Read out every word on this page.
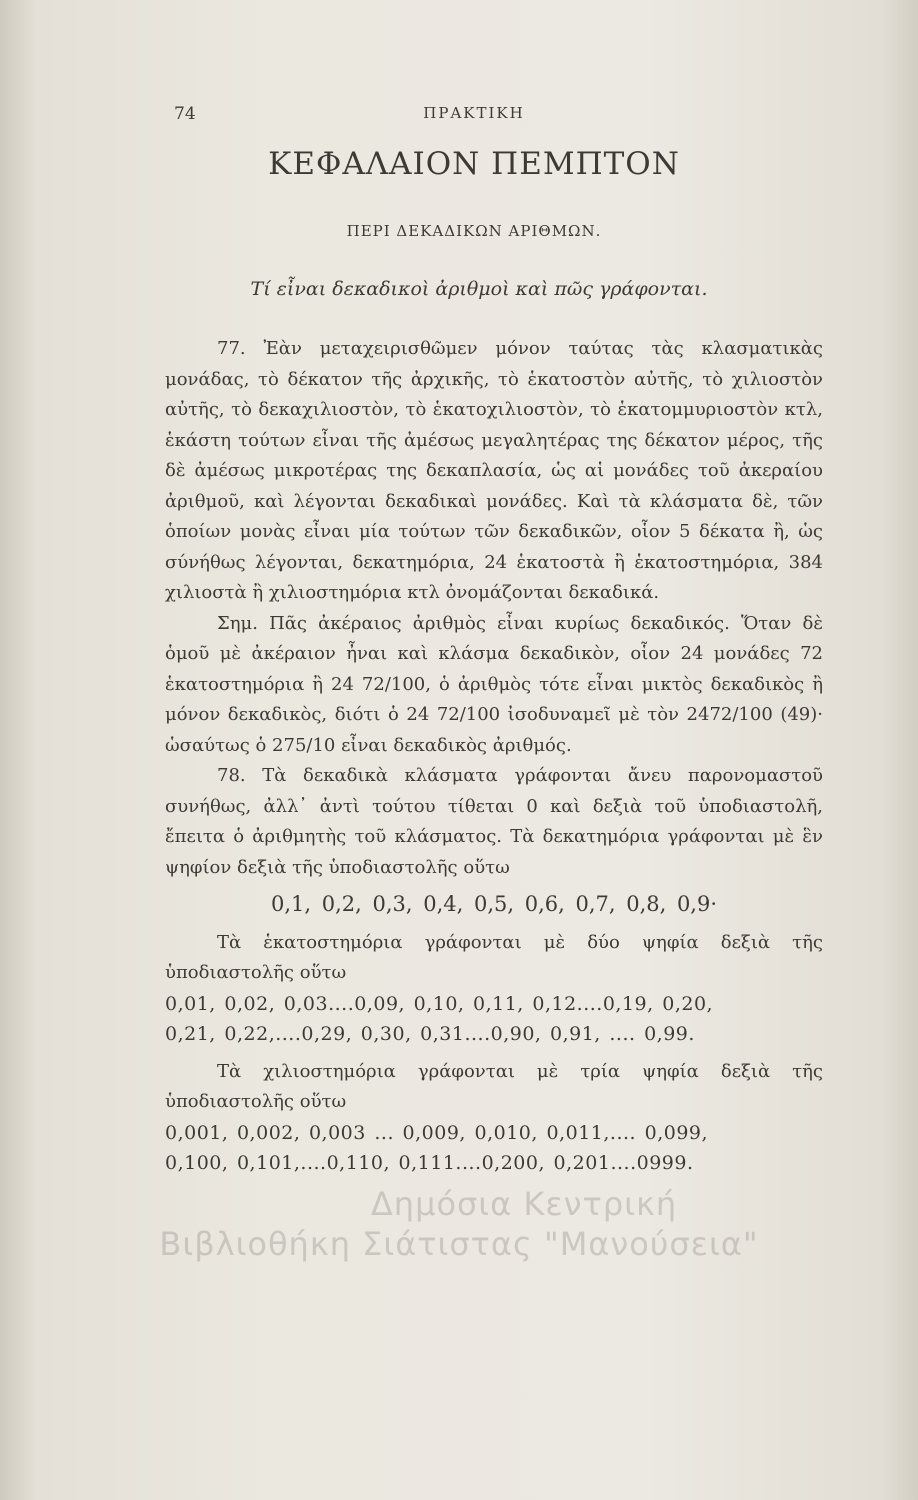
74	ΠΡΑΚΤΙΚΗ
ΚΕΦΑΛΑΙΟΝ ΠΕΜΠΤΟΝ
ΠΕΡΙ ΔΕΚΑΔΙΚΩΝ ΑΡΙΘΜΩΝ.
Τί εἶναι δεκαδικοὶ ἀριθμοὶ καὶ πῶς γράφονται.

77. Ἐὰν μεταχειρισθῶμεν μόνον ταύτας τὰς κλασματικὰς μονάδας, τὸ δέκατον τῆς ἀρχικῆς, τὸ ἑκατοστὸν αὐτῆς, τὸ χιλιοστὸν αὐτῆς, τὸ δεκαχιλιοστὸν, τὸ ἑκατοχιλιοστὸν, τὸ ἑκατομμυριοστὸν κτλ, ἑκάστη τούτων εἶναι τῆς ἀμέσως μεγαλητέρας της δέκατον μέρος, τῆς δὲ ἀμέσως μικροτέρας της δεκαπλασία, ὡς αἱ μονάδες τοῦ ἀκεραίου ἀριθμοῦ, καὶ λέγονται δεκαδικαὶ μονάδες. Καὶ τὰ κλάσματα δὲ, τῶν ὁποίων μονὰς εἶναι μία τούτων τῶν δεκαδικῶν, οἷον 5 δέκατα ἢ, ὡς σύνήθως λέγονται, δεκατημόρια, 24 ἑκατοστὰ ἢ ἑκατοστημόρια, 384 χιλιοστὰ ἢ χιλιοστημόρια κτλ ὀνομάζονται δεκαδικά.

Σημ. Πᾶς ἀκέραιος ἀριθμὸς εἶναι κυρίως δεκαδικός. Ὅταν δὲ ὁμοῦ μὲ ἀκέραιον ἦναι καὶ κλάσμα δεκαδικὸν, οἷον 24 μονάδες 72 ἑκατοστημόρια ἢ 24 72/100, ὁ ἀριθμὸς τότε εἶναι μικτὸς δεκαδικὸς ἢ μόνον δεκαδικὸς, διότι ὁ 24 72/100 ἰσοδυναμεῖ μὲ τὸν 2472/100 (49)· ὡσαύτως ὁ 275/10 εἶναι δεκαδικὸς ἀριθμός.

78. Τὰ δεκαδικὰ κλάσματα γράφονται ἄνευ παρονομαστοῦ συνήθως, ἀλλ᾽ ἀντὶ τούτου τίθεται 0 καὶ δεξιὰ τοῦ ὑποδιαστολῆ, ἔπειτα ὁ ἀριθμητὴς τοῦ κλάσματος. Τὰ δεκατημόρια γράφονται μὲ ἓν ψηφίον δεξιὰ τῆς ὑποδιαστολῆς οὕτω

0,1, 0,2, 0,3, 0,4, 0,5, 0,6, 0,7, 0,8, 0,9·

Τὰ ἑκατοστημόρια γράφονται μὲ δύο ψηφία δεξιὰ τῆς ὑποδιαστολῆς οὕτω

0,01, 0,02, 0,03....0,09, 0,10, 0,11, 0,12....0,19, 0,20,

0,21, 0,22,....0,29, 0,30, 0,31....0,90, 0,91, .... 0,99.

Τὰ χιλιοστημόρια γράφονται μὲ τρία ψηφία δεξιὰ τῆς ὑποδιαστολῆς οὕτω

0,001, 0,002, 0,003 ... 0,009, 0,010, 0,011,.... 0,099,

0,100, 0,101,....0,110, 0,111....0,200, 0,201....0999.

Δημόσια Κεντρική
Βιβλιοθήκη Σιάτιστας "Μανούσεια"
